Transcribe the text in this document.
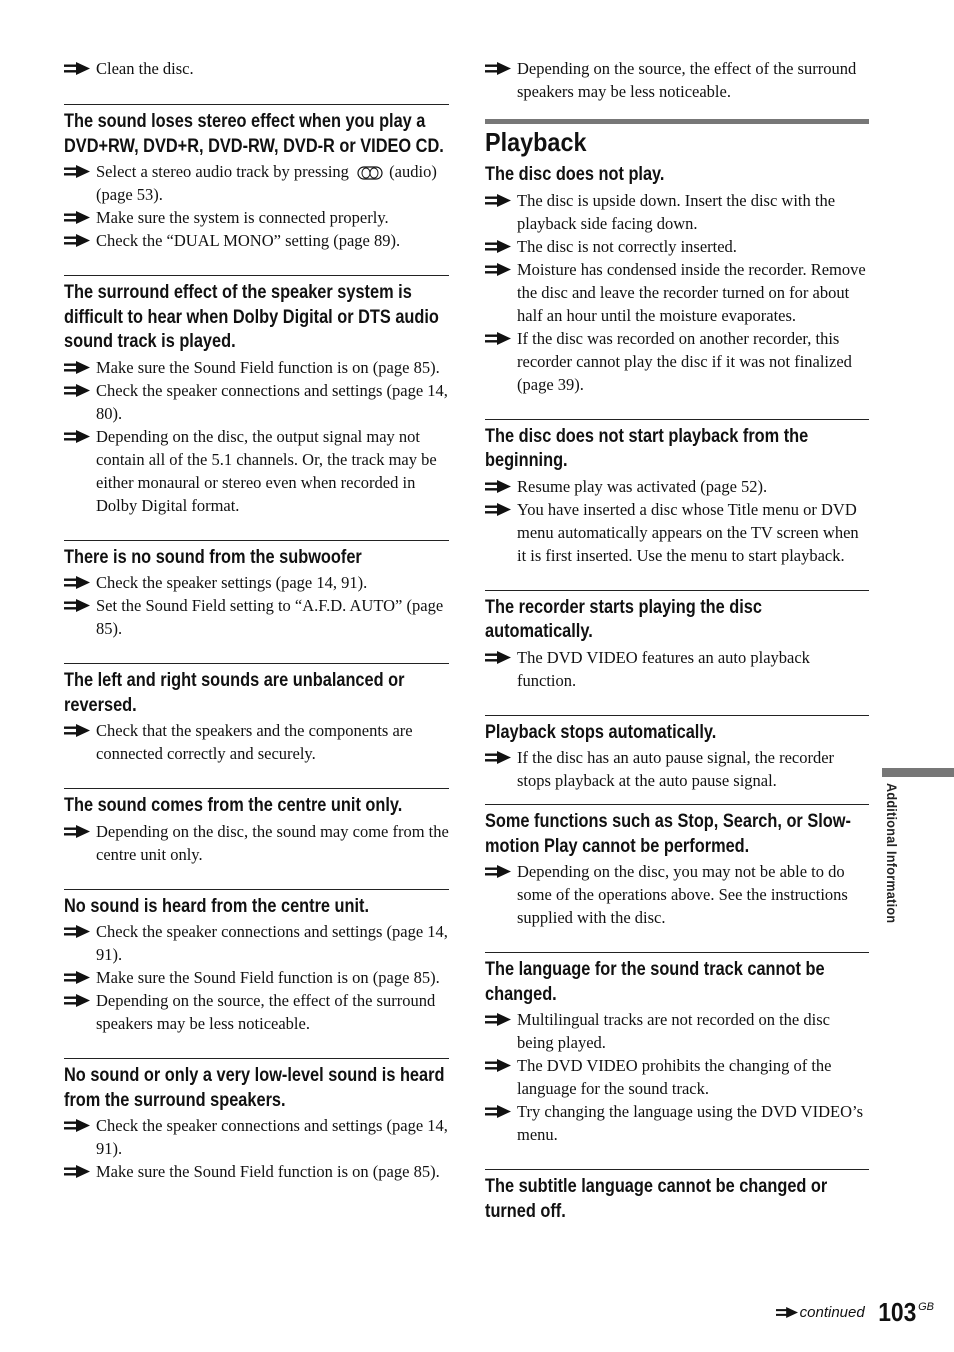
Clean the disc.
The sound loses stereo effect when you play a DVD+RW, DVD+R, DVD-RW, DVD-R or VIDEO CD.
Select a stereo audio track by pressing (audio) (page 53).
Make sure the system is connected properly.
Check the “DUAL MONO” setting (page 89).
The surround effect of the speaker system is difficult to hear when Dolby Digital or DTS audio sound track is played.
Make sure the Sound Field function is on (page 85).
Check the speaker connections and settings (page 14, 80).
Depending on the disc, the output signal may not contain all of the 5.1 channels. Or, the track may be either monaural or stereo even when recorded in Dolby Digital format.
There is no sound from the subwoofer
Check the speaker settings (page 14, 91).
Set the Sound Field setting to “A.F.D. AUTO” (page 85).
The left and right sounds are unbalanced or reversed.
Check that the speakers and the components are connected correctly and securely.
The sound comes from the centre unit only.
Depending on the disc, the sound may come from the centre unit only.
No sound is heard from the centre unit.
Check the speaker connections and settings (page 14, 91).
Make sure the Sound Field function is on (page 85).
Depending on the source, the effect of the surround speakers may be less noticeable.
No sound or only a very low-level sound is heard from the surround speakers.
Check the speaker connections and settings (page 14, 91).
Make sure the Sound Field function is on (page 85).
Depending on the source, the effect of the surround speakers may be less noticeable.
Playback
The disc does not play.
The disc is upside down. Insert the disc with the playback side facing down.
The disc is not correctly inserted.
Moisture has condensed inside the recorder. Remove the disc and leave the recorder turned on for about half an hour until the moisture evaporates.
If the disc was recorded on another recorder, this recorder cannot play the disc if it was not finalized (page 39).
The disc does not start playback from the beginning.
Resume play was activated (page 52).
You have inserted a disc whose Title menu or DVD menu automatically appears on the TV screen when it is first inserted. Use the menu to start playback.
The recorder starts playing the disc automatically.
The DVD VIDEO features an auto playback function.
Playback stops automatically.
If the disc has an auto pause signal, the recorder stops playback at the auto pause signal.
Some functions such as Stop, Search, or Slow-motion Play cannot be performed.
Depending on the disc, you may not be able to do some of the operations above. See the instructions supplied with the disc.
The language for the sound track cannot be changed.
Multilingual tracks are not recorded on the disc being played.
The DVD VIDEO prohibits the changing of the language for the sound track.
Try changing the language using the DVD VIDEO’s menu.
The subtitle language cannot be changed or turned off.
Additional Information
continued 103 GB
